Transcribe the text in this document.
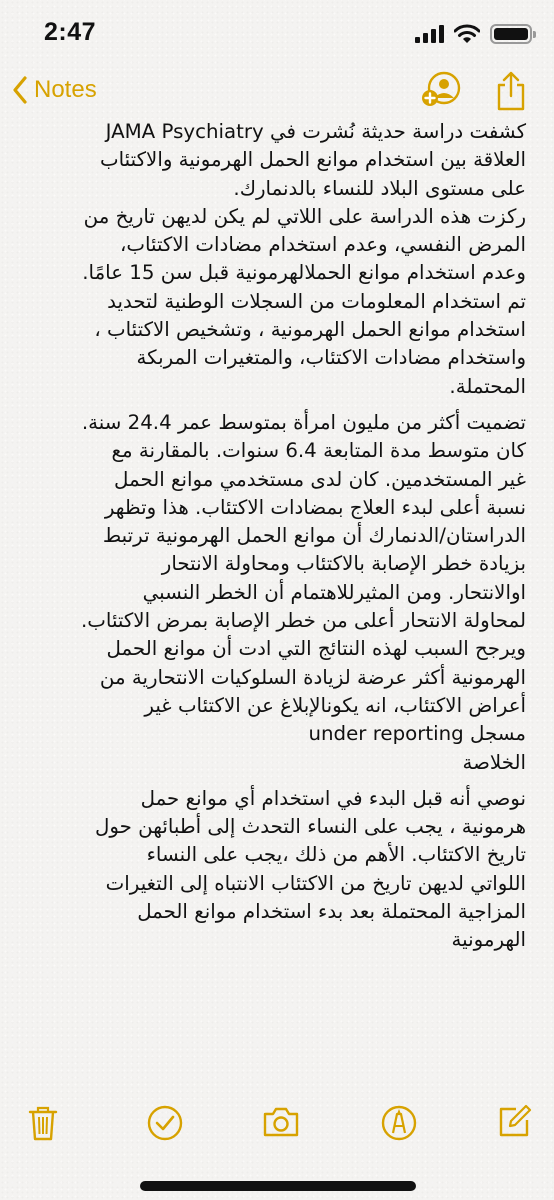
2:47
Notes
كشفت دراسة حديثة نُشرت في JAMA Psychiatry
العلاقة بين استخدام موانع الحمل الهرمونية والاكتئاب
على مستوى البلاد للنساء بالدنمارك.
ركزت هذه الدراسة على اللاتي لم يكن لديهن تاريخ من
المرض النفسي، وعدم استخدام مضادات الاكتئاب،
وعدم استخدام موانع الحملالهرمونية قبل سن 15 عامًا.
تم استخدام المعلومات من السجلات الوطنية لتحديد
استخدام موانع الحمل الهرمونية ، وتشخيص الاكتئاب ،
واستخدام مضادات الاكتئاب، والمتغيرات المربكة
المحتملة.
تضميت أكثر من مليون امرأة بمتوسط عمر 24.4 سنة.
كان متوسط مدة المتابعة 6.4 سنوات. بالمقارنة مع
غير المستخدمين. كان لدى مستخدمي موانع الحمل
نسبة أعلى لبدء العلاج بمضادات الاكتئاب. هذا وتظهر
الدراستان/الدنمارك أن موانع الحمل الهرمونية ترتبط
بزيادة خطر الإصابة بالاكتئاب ومحاولة الانتحار
اوالانتحار. ومن المثيرللاهتمام أن الخطر النسبي
لمحاولة الانتحار أعلى من خطر الإصابة بمرض الاكتئاب.
ويرجح السبب لهذه النتائج التي ادت أن موانع الحمل
الهرمونية أكثر عرضة لزيادة السلوكيات الانتحارية من
أعراض الاكتئاب، انه يكونالإبلاغ عن الاكتئاب غير
مسجل under reporting
الخلاصة
نوصي أنه قبل البدء في استخدام أي موانع حمل
هرمونية ، يجب على النساء التحدث إلى أطبائهن حول
تاريخ الاكتئاب. الأهم من ذلك ،يجب على النساء
اللواتي لديهن تاريخ من الاكتئاب الانتباه إلى التغيرات
المزاجية المحتملة بعد بدء استخدام موانع الحمل
الهرمونية
